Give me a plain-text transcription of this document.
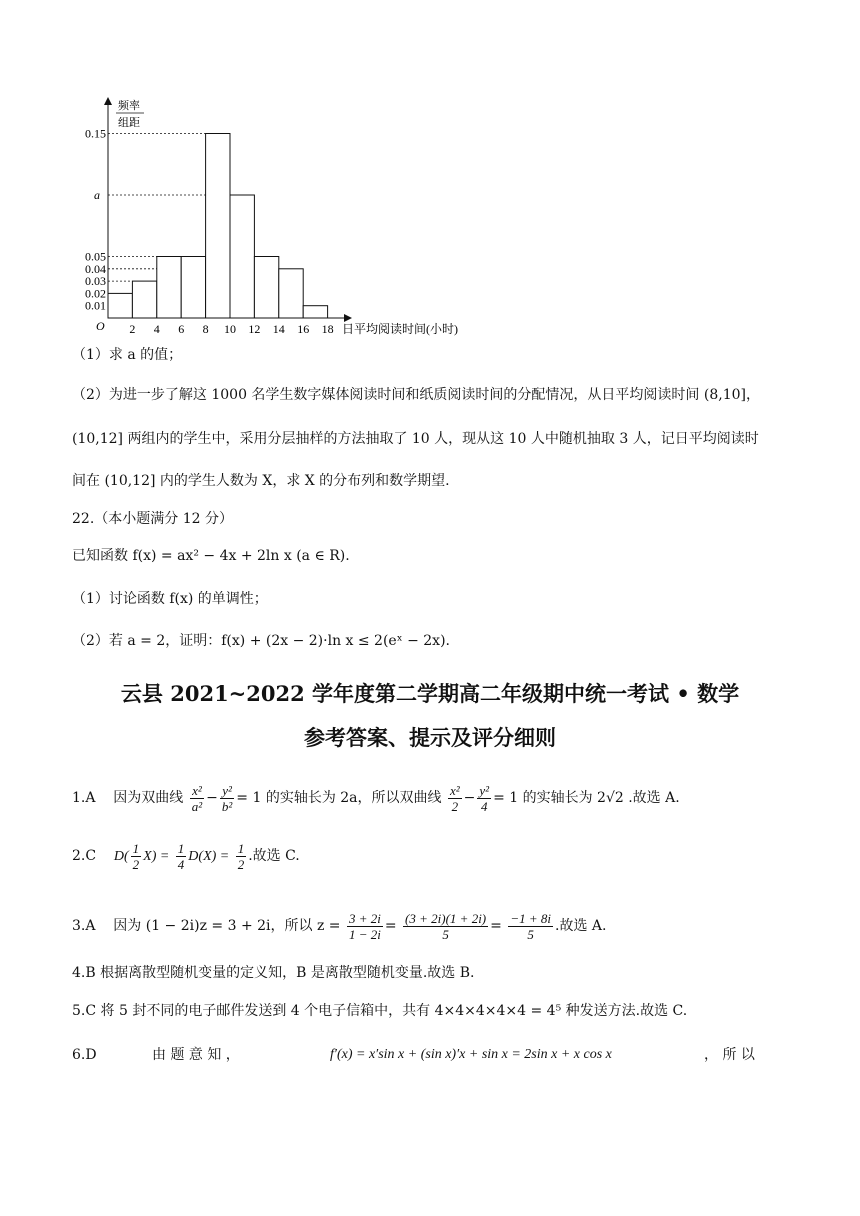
频率
组距
O
0.01
0.02
0.03
0.04
0.05
a
0.15
2 4 6 8 10 12 14 16 18 日平均阅读时间(小时)
（1）求 a 的值；
（2）为进一步了解这 1000 名学生数字媒体阅读时间和纸质阅读时间的分配情况，从日平均阅读时间 (8,10]，
(10,12] 两组内的学生中，采用分层抽样的方法抽取了 10 人，现从这 10 人中随机抽取 3 人，记日平均阅读时
间在 (10,12] 内的学生人数为 X，求 X 的分布列和数学期望.
22.（本小题满分 12 分）
已知函数 f(x) = ax² − 4x + 2ln x (a ∈ R).
（1）讨论函数 f(x) 的单调性；
（2）若 a = 2，证明：f(x) + (2x − 2)·ln x ≤ 2(eˣ − 2x).
云县 2021~2022 学年度第二学期高二年级期中统一考试 • 数学
参考答案、提示及评分细则
1.A 因为双曲线 $\frac{\text{x²}}{\text{a²}} - \frac{\text{y²}}{\text{b²}} = 1$ 的实轴长为 2a，所以双曲线 $\frac{\text{x²}}{2} - \frac{\text{y²}}{4} = 1$ 的实轴长为 2√2 .故选 A.
2.C $D( \frac{1}{2} X) = \frac{1}{4} D(X) = \frac{1}{2}$ .故选 C.
3.A 因为 (1 − 2i)z = 3 + 2i，所以 $z = \frac{3 + 2i}{1 - 2i} = \frac{(3 + 2i)(1 + 2i)}{5} = \frac{-1 + 8i}{5}$ .故选 A.
4.B 根据离散型随机变量的定义知，B 是离散型随机变量.故选 B.
5.C 将 5 封不同的电子邮件发送到 4 个电子信箱中，共有 4×4×4×4×4 = 4⁵ 种发送方法.故选 C.
6.D	由 题 意 知 ，	f′(x) = x′sin x + (sin x)′x + sin x = 2sin x + x cos x	， 所 以
